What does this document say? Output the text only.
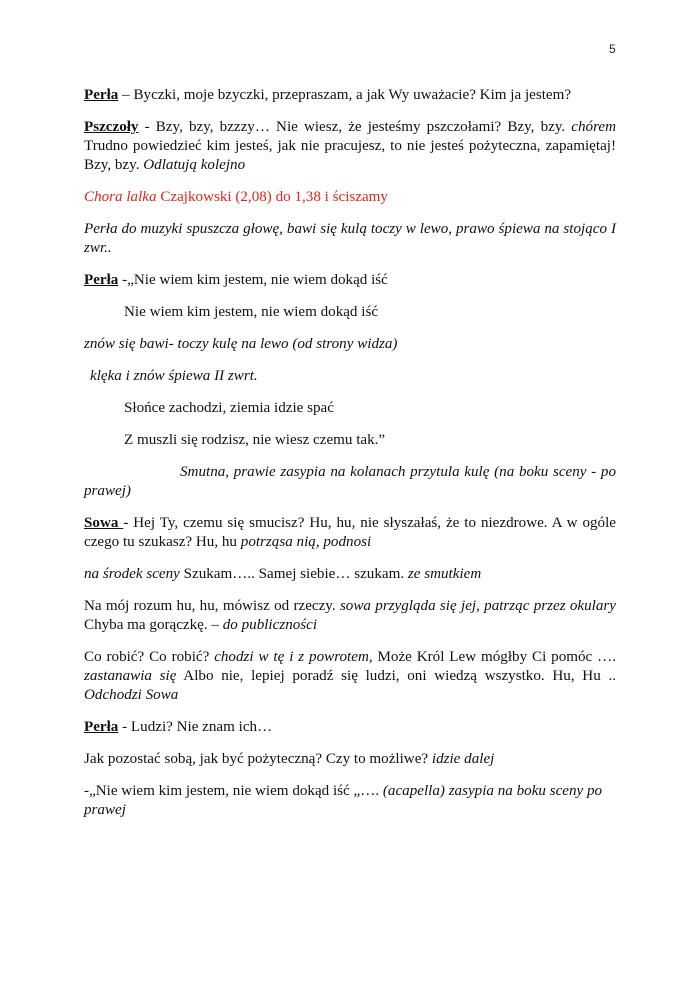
5

Perła – Byczki, moje bzyczki, przepraszam, a jak Wy uważacie? Kim ja jestem?

Pszczoły - Bzy, bzy, bzzzy… Nie wiesz, że jesteśmy pszczołami? Bzy, bzy. chórem Trudno powiedzieć kim jesteś, jak nie pracujesz, to nie jesteś pożyteczna, zapamiętaj! Bzy, bzy. Odlatują kolejno

Chora lalka Czajkowski (2,08) do 1,38 i ściszamy

Perła do muzyki spuszcza głowę, bawi się kulą toczy w lewo, prawo śpiewa na stojąco I zwr..

Perła -„Nie wiem kim jestem, nie wiem dokąd iść

Nie wiem kim jestem, nie wiem dokąd iść

znów się bawi- toczy kulę na lewo (od strony widza)

klęka i znów śpiewa II zwrt.

Słońce zachodzi, ziemia idzie spać

Z muszli się rodzisz, nie wiesz czemu tak.”

Smutna, prawie zasypia na kolanach przytula kulę (na boku sceny - po prawej)

Sowa - Hej Ty, czemu się smucisz? Hu, hu, nie słyszałaś, że to niezdrowe. A w ogóle czego tu szukasz? Hu, hu potrząsa nią, podnosi

na środek sceny Szukam….. Samej siebie… szukam. ze smutkiem

Na mój rozum hu, hu, mówisz od rzeczy. sowa przygląda się jej, patrząc przez okulary Chyba ma gorączkę. – do publiczności

Co robić? Co robić? chodzi w tę i z powrotem, Może Król Lew mógłby Ci pomóc …. zastanawia się Albo nie, lepiej poradź się ludzi, oni wiedzą wszystko. Hu, Hu .. Odchodzi Sowa

Perła - Ludzi? Nie znam ich…

Jak pozostać sobą, jak być pożyteczną? Czy to możliwe? idzie dalej

-„Nie wiem kim jestem, nie wiem dokąd iść „…. (acapella) zasypia na boku sceny po prawej
